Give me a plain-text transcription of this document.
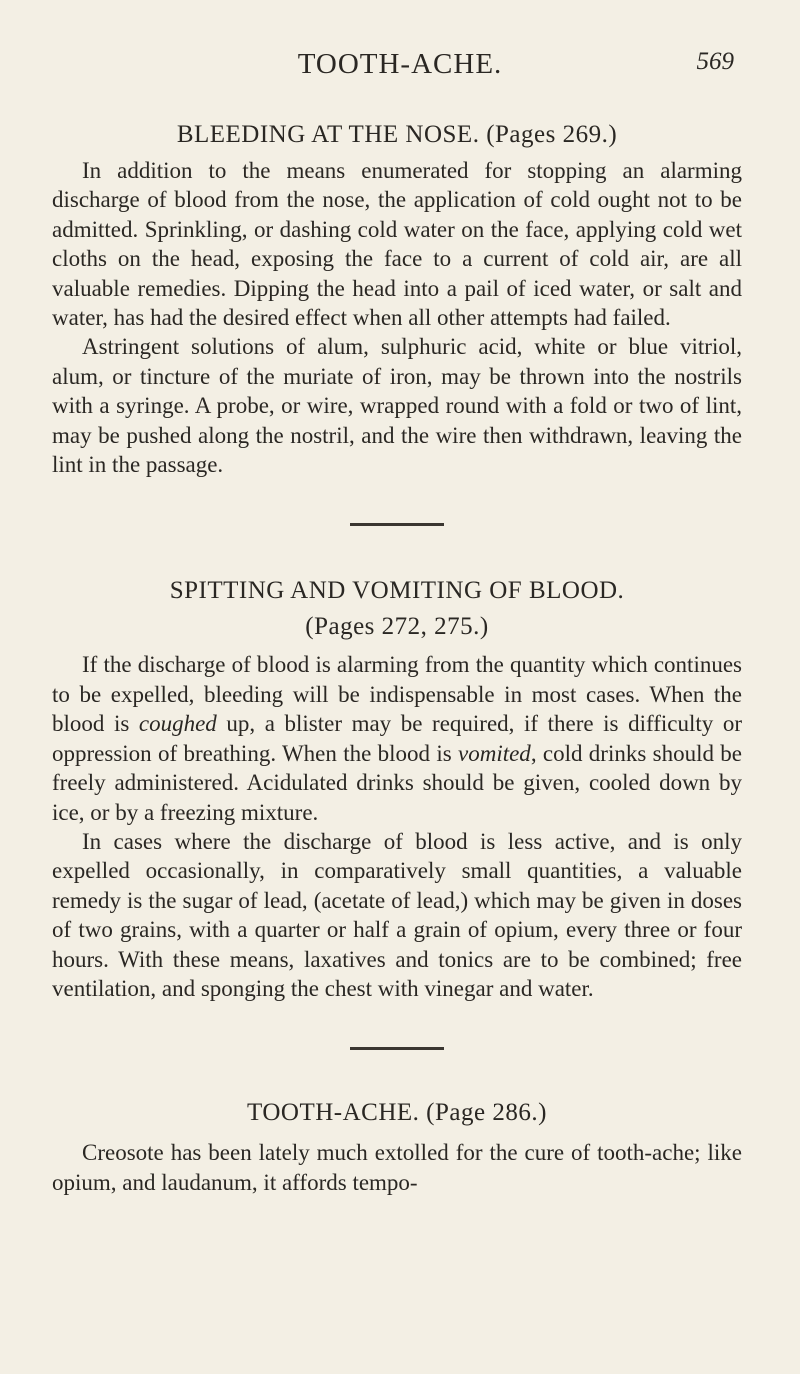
TOOTH-ACHE.	569
BLEEDING AT THE NOSE. (Pages 269.)

In addition to the means enumerated for stopping an alarming discharge of blood from the nose, the application of cold ought not to be admitted. Sprinkling, or dashing cold water on the face, applying cold wet cloths on the head, exposing the face to a current of cold air, are all valuable remedies. Dipping the head into a pail of iced water, or salt and water, has had the desired effect when all other attempts had failed.

Astringent solutions of alum, sulphuric acid, white or blue vitriol, alum, or tincture of the muriate of iron, may be thrown into the nostrils with a syringe. A probe, or wire, wrapped round with a fold or two of lint, may be pushed along the nostril, and the wire then withdrawn, leaving the lint in the passage.

SPITTING AND VOMITING OF BLOOD.
(Pages 272, 275.)

If the discharge of blood is alarming from the quantity which continues to be expelled, bleeding will be indispensable in most cases. When the blood is coughed up, a blister may be required, if there is difficulty or oppression of breathing. When the blood is vomited, cold drinks should be freely administered. Acidulated drinks should be given, cooled down by ice, or by a freezing mixture.

In cases where the discharge of blood is less active, and is only expelled occasionally, in comparatively small quantities, a valuable remedy is the sugar of lead, (acetate of lead,) which may be given in doses of two grains, with a quarter or half a grain of opium, every three or four hours. With these means, laxatives and tonics are to be combined; free ventilation, and sponging the chest with vinegar and water.

TOOTH-ACHE. (Page 286.)

Creosote has been lately much extolled for the cure of tooth-ache; like opium, and laudanum, it affords tempo-
